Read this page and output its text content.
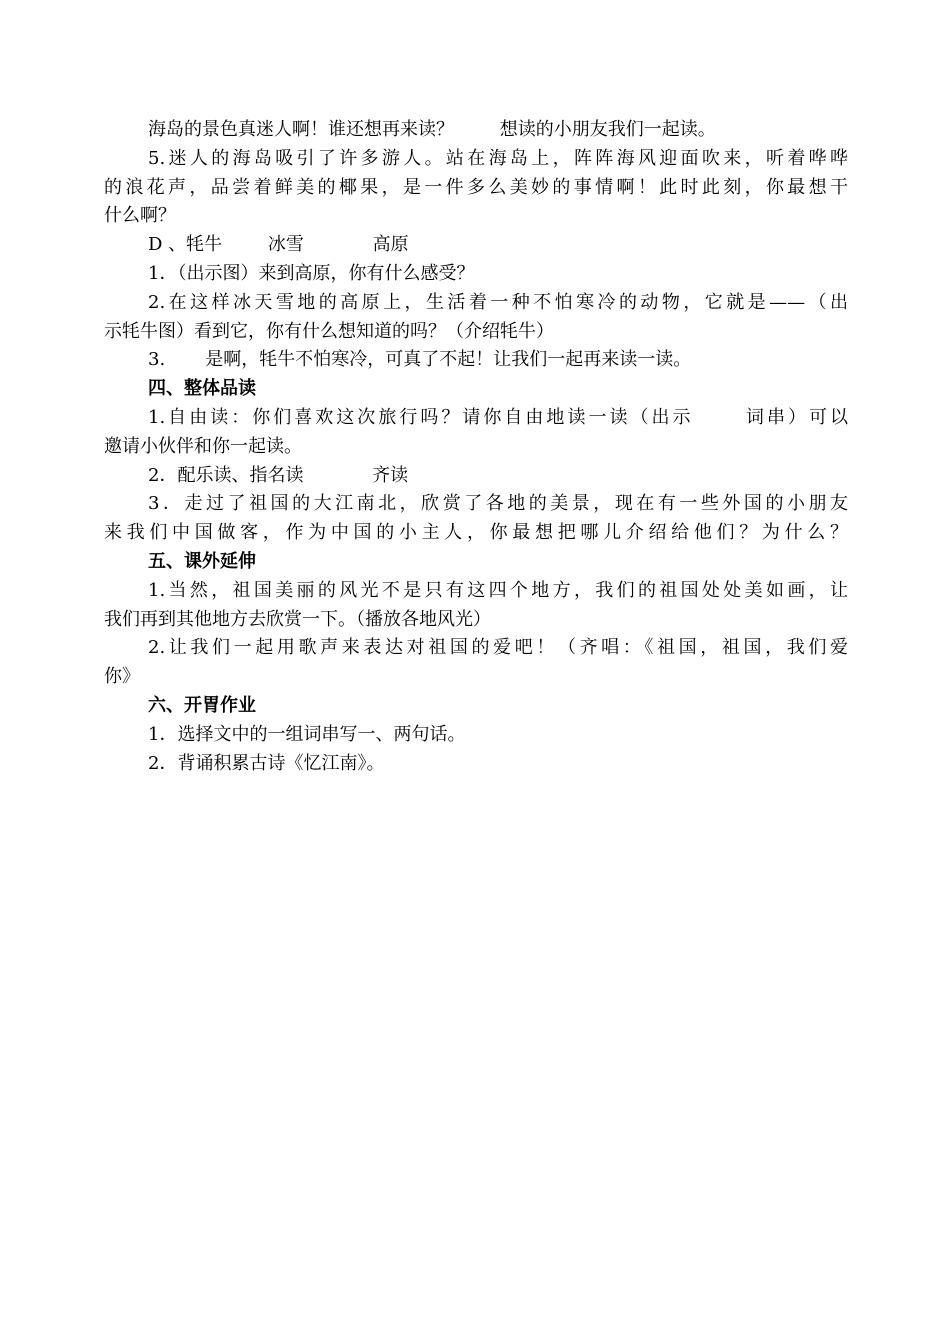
海岛的景色真迷人啊！谁还想再来读？        想读的小朋友我们一起读。
5.迷人的海岛吸引了许多游人。站在海岛上，阵阵海风迎面吹来，听着哗哗
的浪花声，品尝着鲜美的椰果，是一件多么美妙的事情啊！此时此刻，你最想干
什么啊？
D 、牦牛        冰雪            高原
1．（出示图）来到高原，你有什么感受？
2.在这样冰天雪地的高原上，生活着一种不怕寒冷的动物，它就是——（出
示牦牛图）看到它，你有什么想知道的吗？（介绍牦牛）
3.       是啊，牦牛不怕寒冷，可真了不起！让我们一起再来读一读。
四、整体品读
1.自由读：你们喜欢这次旅行吗？请你自由地读一读（出示      词串）可以
邀请小伙伴和你一起读。
2．配乐读、指名读            齐读
3．走过了祖国的大江南北，欣赏了各地的美景，现在有一些外国的小朋友
来我们中国做客，作为中国的小主人，你最想把哪儿介绍给他们？为什么？
五、课外延伸
1.当然，祖国美丽的风光不是只有这四个地方，我们的祖国处处美如画，让
我们再到其他地方去欣赏一下。（播放各地风光）
2.让我们一起用歌声来表达对祖国的爱吧！（齐唱：《祖国，祖国，我们爱
你》
六、开胃作业
1．选择文中的一组词串写一、两句话。
2．背诵积累古诗《忆江南》。
